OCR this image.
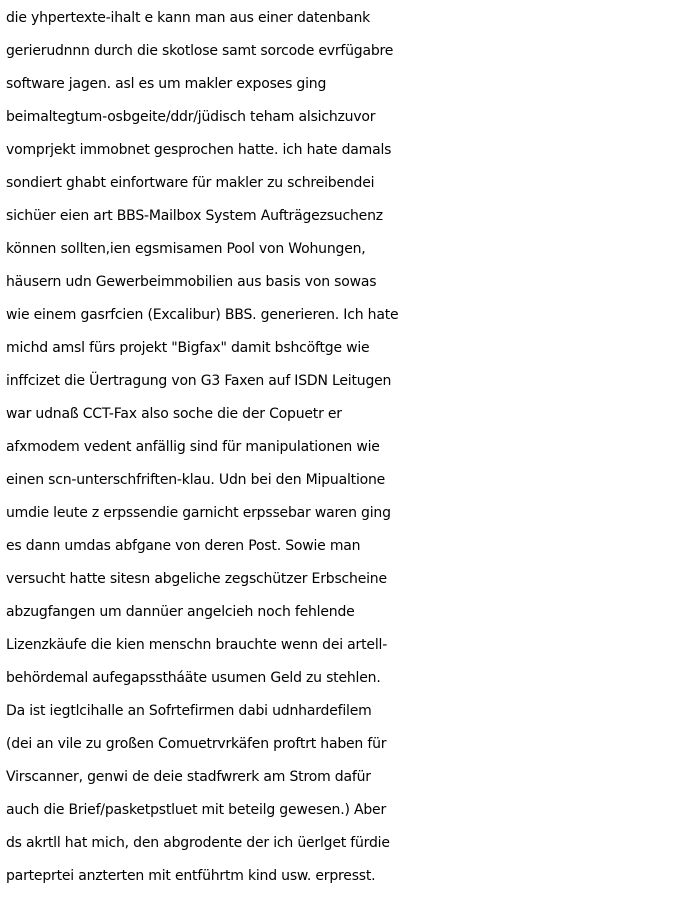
die yhpertexte-ihalt e kann man aus einer datenbank
gerierudnnn durch die skotlose samt sorcode evrfügabre
software jagen. asl es um makler exposes ging
beimaltegtum-osbgeite/ddr/jüdisch teham alsichzuvor
vomprjekt immobnet gesprochen hatte. ich hate damals
sondiert ghabt einfortware für makler zu schreibendei
sichüer eien art BBS-Mailbox System Aufträgezsuchenz
können sollten,ien egsmisamen Pool von Wohungen,
häusern udn Gewerbeimmobilien aus basis von sowas
wie einem gasrfcien (Excalibur) BBS. generieren. Ich hate
michd amsl fürs projekt "Bigfax" damit bshcöftge wie
inffcizet die Üertragung von G3 Faxen auf ISDN Leitugen
war udnaß CCT-Fax also soche die der Copuetr er
afxmodem vedent anfällig sind für manipulationen wie
einen scn-unterschfriften-klau. Udn bei den Mipualtione
umdie leute z erpssendie garnicht erpssebar waren ging
es dann umdas abfgane von deren Post. Sowie man
versucht hatte sitesn abgeliche zegschützer Erbscheine
abzugfangen um dannüer angelcieh noch fehlende
Lizenzkäufe die kien menschn brauchte wenn dei artell-
behördemal aufegapsstháäte usumen Geld zu stehlen.
Da ist iegtlcihalle an Sofrtefirmen dabi udnhardefilem
(dei an vile zu großen Comuetrvrkäfen proftrt haben für
Virscanner, genwi de deie stadfwrerk am Strom dafür
auch die Brief/pasketpstluet mit beteilg gewesen.) Aber
ds akrtll hat mich, den abgrodente der ich üerlget fürdie
parteprtei anzterten mit entführtm kind usw. erpresst.
